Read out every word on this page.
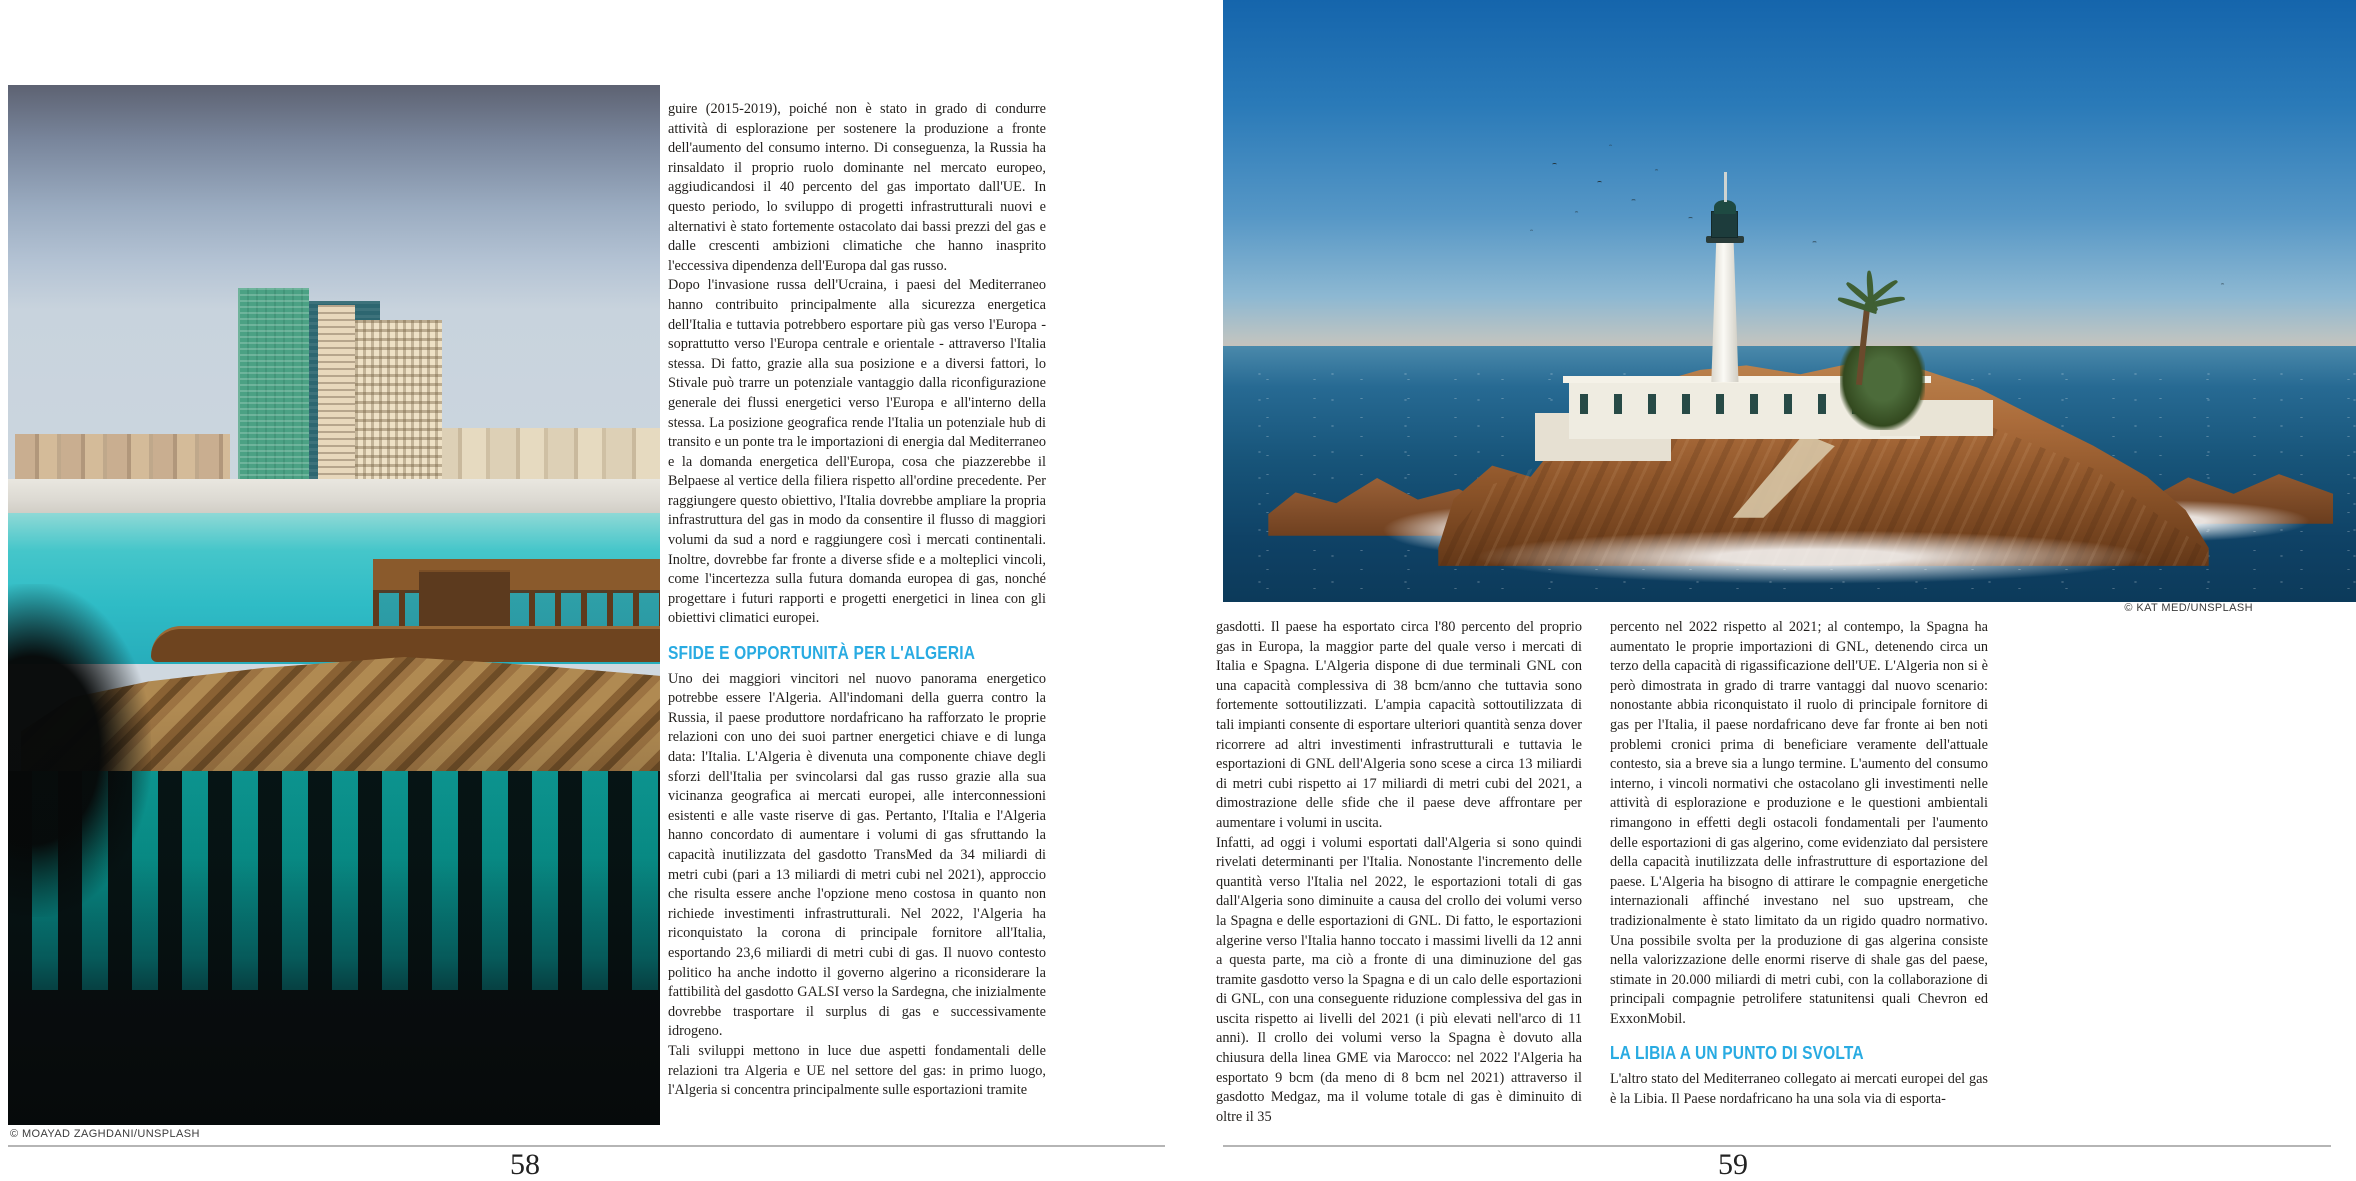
© MOAYAD ZAGHDANI/UNSPLASH

guire (2015-2019), poiché non è stato in grado di condurre attività di esplorazione per sostenere la produzione a fronte dell'aumento del consumo interno. Di conseguenza, la Russia ha rinsaldato il proprio ruolo dominante nel mercato europeo, aggiudicandosi il 40 percento del gas importato dall'UE. In questo periodo, lo sviluppo di progetti infrastrutturali nuovi e alternativi è stato fortemente ostacolato dai bassi prezzi del gas e dalle crescenti ambizioni climatiche che hanno inasprito l'eccessiva dipendenza dell'Europa dal gas russo.

Dopo l'invasione russa dell'Ucraina, i paesi del Mediterraneo hanno contribuito principalmente alla sicurezza energetica dell'Italia e tuttavia potrebbero esportare più gas verso l'Europa - soprattutto verso l'Europa centrale e orientale - attraverso l'Italia stessa. Di fatto, grazie alla sua posizione e a diversi fattori, lo Stivale può trarre un potenziale vantaggio dalla riconfigurazione generale dei flussi energetici verso l'Europa e all'interno della stessa. La posizione geografica rende l'Italia un potenziale hub di transito e un ponte tra le importazioni di energia dal Mediterraneo e la domanda energetica dell'Europa, cosa che piazzerebbe il Belpaese al vertice della filiera rispetto all'ordine precedente. Per raggiungere questo obiettivo, l'Italia dovrebbe ampliare la propria infrastruttura del gas in modo da consentire il flusso di maggiori volumi da sud a nord e raggiungere così i mercati continentali. Inoltre, dovrebbe far fronte a diverse sfide e a molteplici vincoli, come l'incertezza sulla futura domanda europea di gas, nonché progettare i futuri rapporti e progetti energetici in linea con gli obiettivi climatici europei.

SFIDE E OPPORTUNITÀ PER L'ALGERIA

Uno dei maggiori vincitori nel nuovo panorama energetico potrebbe essere l'Algeria. All'indomani della guerra contro la Russia, il paese produttore nordafricano ha rafforzato le proprie relazioni con uno dei suoi partner energetici chiave e di lunga data: l'Italia. L'Algeria è divenuta una componente chiave degli sforzi dell'Italia per svincolarsi dal gas russo grazie alla sua vicinanza geografica ai mercati europei, alle interconnessioni esistenti e alle vaste riserve di gas. Pertanto, l'Italia e l'Algeria hanno concordato di aumentare i volumi di gas sfruttando la capacità inutilizzata del gasdotto TransMed da 34 miliardi di metri cubi (pari a 13 miliardi di metri cubi nel 2021), approccio che risulta essere anche l'opzione meno costosa in quanto non richiede investimenti infrastrutturali. Nel 2022, l'Algeria ha riconquistato la corona di principale fornitore all'Italia, esportando 23,6 miliardi di metri cubi di gas. Il nuovo contesto politico ha anche indotto il governo algerino a riconsiderare la fattibilità del gasdotto GALSI verso la Sardegna, che inizialmente dovrebbe trasportare il surplus di gas e successivamente idrogeno.

Tali sviluppi mettono in luce due aspetti fondamentali delle relazioni tra Algeria e UE nel settore del gas: in primo luogo, l'Algeria si concentra principalmente sulle esportazioni tramite

58
© KAT MED/UNSPLASH

gasdotti. Il paese ha esportato circa l'80 percento del proprio gas in Europa, la maggior parte del quale verso i mercati di Italia e Spagna. L'Algeria dispone di due terminali GNL con una capacità complessiva di 38 bcm/anno che tuttavia sono fortemente sottoutilizzati. L'ampia capacità sottoutilizzata di tali impianti consente di esportare ulteriori quantità senza dover ricorrere ad altri investimenti infrastrutturali e tuttavia le esportazioni di GNL dell'Algeria sono scese a circa 13 miliardi di metri cubi rispetto ai 17 miliardi di metri cubi del 2021, a dimostrazione delle sfide che il paese deve affrontare per aumentare i volumi in uscita.

Infatti, ad oggi i volumi esportati dall'Algeria si sono quindi rivelati determinanti per l'Italia. Nonostante l'incremento delle quantità verso l'Italia nel 2022, le esportazioni totali di gas dall'Algeria sono diminuite a causa del crollo dei volumi verso la Spagna e delle esportazioni di GNL. Di fatto, le esportazioni algerine verso l'Italia hanno toccato i massimi livelli da 12 anni a questa parte, ma ciò a fronte di una diminuzione del gas tramite gasdotto verso la Spagna e di un calo delle esportazioni di GNL, con una conseguente riduzione complessiva del gas in uscita rispetto ai livelli del 2021 (i più elevati nell'arco di 11 anni). Il crollo dei volumi verso la Spagna è dovuto alla chiusura della linea GME via Marocco: nel 2022 l'Algeria ha esportato 9 bcm (da meno di 8 bcm nel 2021) attraverso il gasdotto Medgaz, ma il volume totale di gas è diminuito di oltre il 35

percento nel 2022 rispetto al 2021; al contempo, la Spagna ha aumentato le proprie importazioni di GNL, detenendo circa un terzo della capacità di rigassificazione dell'UE. L'Algeria non si è però dimostrata in grado di trarre vantaggi dal nuovo scenario: nonostante abbia riconquistato il ruolo di principale fornitore di gas per l'Italia, il paese nordafricano deve far fronte ai ben noti problemi cronici prima di beneficiare veramente dell'attuale contesto, sia a breve sia a lungo termine. L'aumento del consumo interno, i vincoli normativi che ostacolano gli investimenti nelle attività di esplorazione e produzione e le questioni ambientali rimangono in effetti degli ostacoli fondamentali per l'aumento delle esportazioni di gas algerino, come evidenziato dal persistere della capacità inutilizzata delle infrastrutture di esportazione del paese. L'Algeria ha bisogno di attirare le compagnie energetiche internazionali affinché investano nel suo upstream, che tradizionalmente è stato limitato da un rigido quadro normativo. Una possibile svolta per la produzione di gas algerina consiste nella valorizzazione delle enormi riserve di shale gas del paese, stimate in 20.000 miliardi di metri cubi, con la collaborazione di principali compagnie petrolifere statunitensi quali Chevron ed ExxonMobil.

LA LIBIA A UN PUNTO DI SVOLTA

L'altro stato del Mediterraneo collegato ai mercati europei del gas è la Libia. Il Paese nordafricano ha una sola via di esporta-

59
